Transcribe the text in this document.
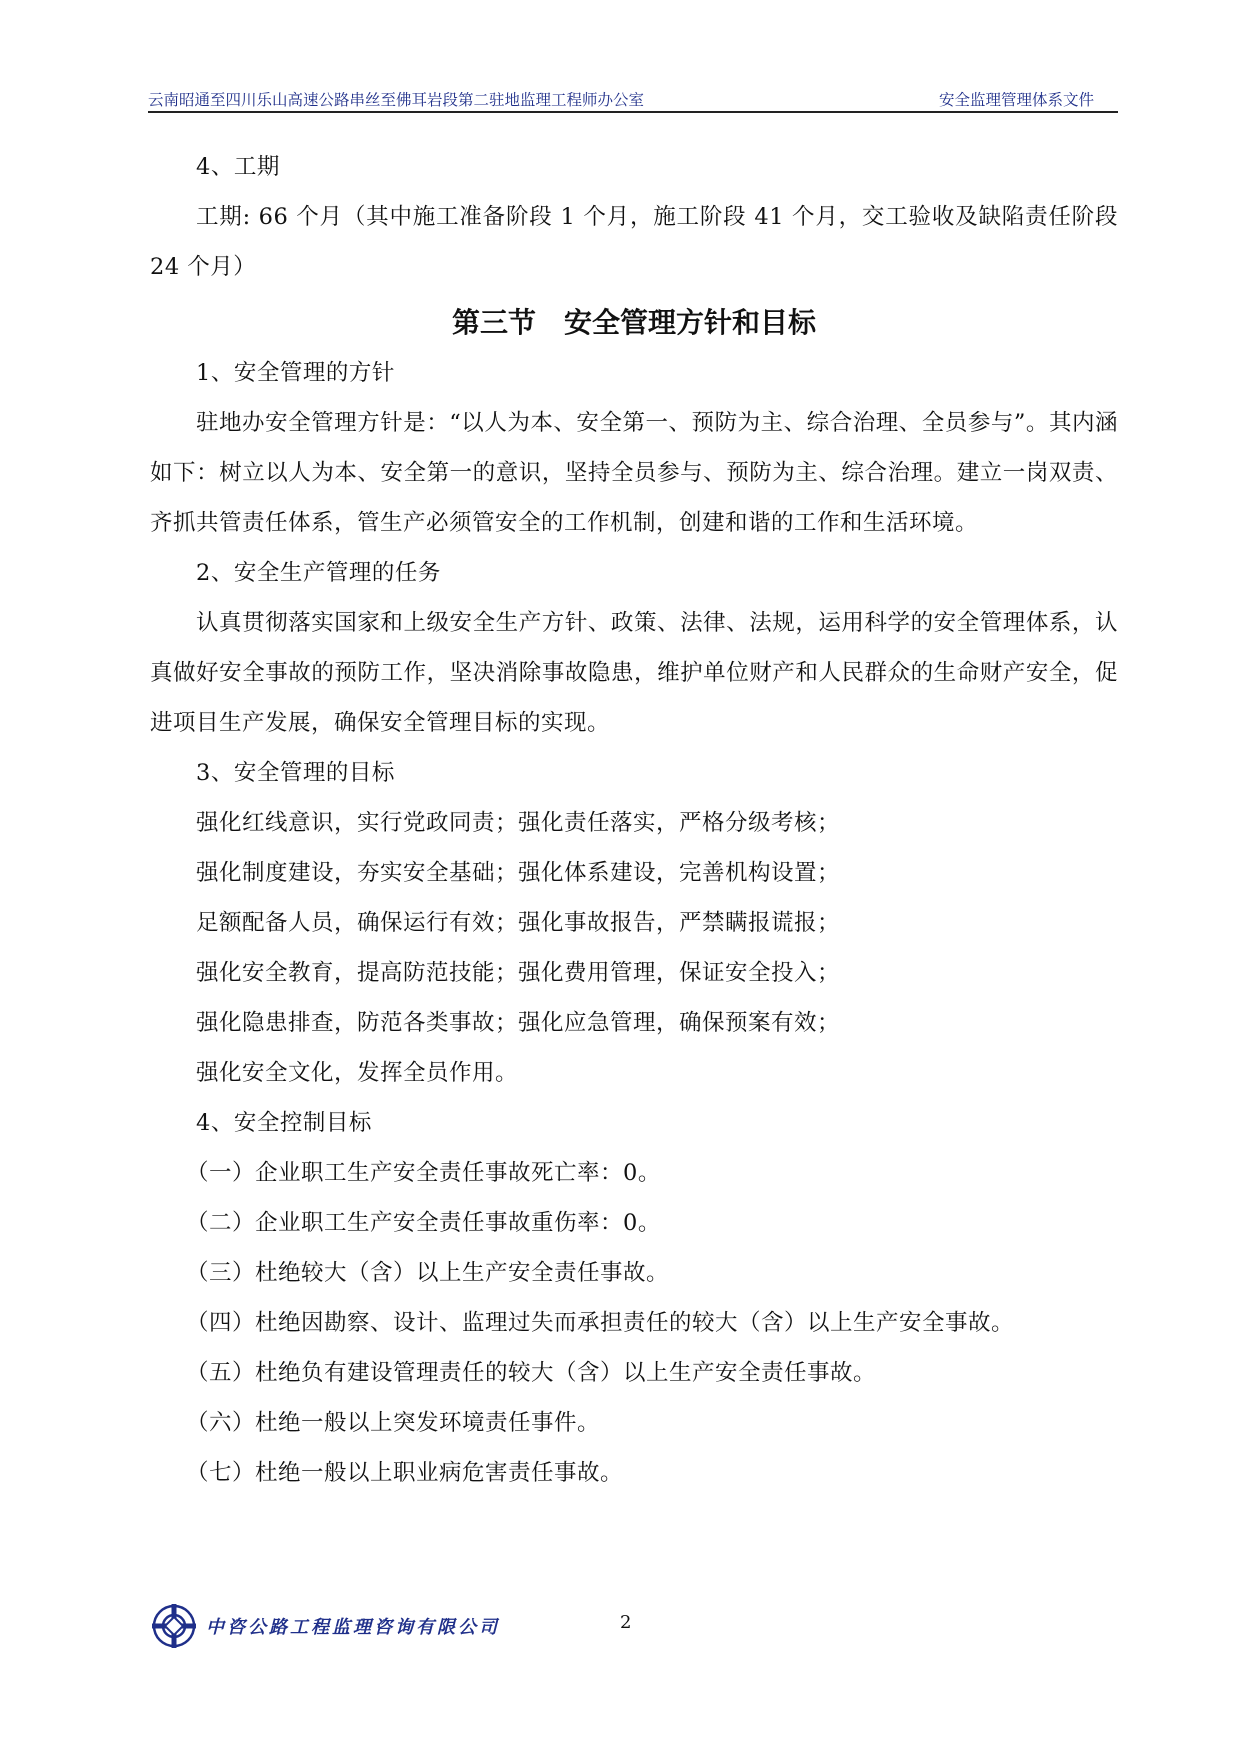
云南昭通至四川乐山高速公路串丝至佛耳岩段第二驻地监理工程师办公室	安全监理管理体系文件

4、工期

工期: 66 个月（其中施工准备阶段 1 个月，施工阶段 41 个月，交工验收及缺陷责任阶段 24 个月）

第三节　安全管理方针和目标

1、安全管理的方针

驻地办安全管理方针是：“以人为本、安全第一、预防为主、综合治理、全员参与”。其内涵如下：树立以人为本、安全第一的意识，坚持全员参与、预防为主、综合治理。建立一岗双责、齐抓共管责任体系，管生产必须管安全的工作机制，创建和谐的工作和生活环境。

2、安全生产管理的任务

认真贯彻落实国家和上级安全生产方针、政策、法律、法规，运用科学的安全管理体系，认真做好安全事故的预防工作，坚决消除事故隐患，维护单位财产和人民群众的生命财产安全，促进项目生产发展，确保安全管理目标的实现。

3、安全管理的目标

强化红线意识，实行党政同责；强化责任落实，严格分级考核；

强化制度建设，夯实安全基础；强化体系建设，完善机构设置；

足额配备人员，确保运行有效；强化事故报告，严禁瞒报谎报；

强化安全教育，提高防范技能；强化费用管理，保证安全投入；

强化隐患排查，防范各类事故；强化应急管理，确保预案有效；

强化安全文化，发挥全员作用。

4、安全控制目标

（一）企业职工生产安全责任事故死亡率：0。

（二）企业职工生产安全责任事故重伤率：0。

（三）杜绝较大（含）以上生产安全责任事故。

（四）杜绝因勘察、设计、监理过失而承担责任的较大（含）以上生产安全事故。

（五）杜绝负有建设管理责任的较大（含）以上生产安全责任事故。

（六）杜绝一般以上突发环境责任事件。

（七）杜绝一般以上职业病危害责任事故。

中咨公路工程监理咨询有限公司	2
